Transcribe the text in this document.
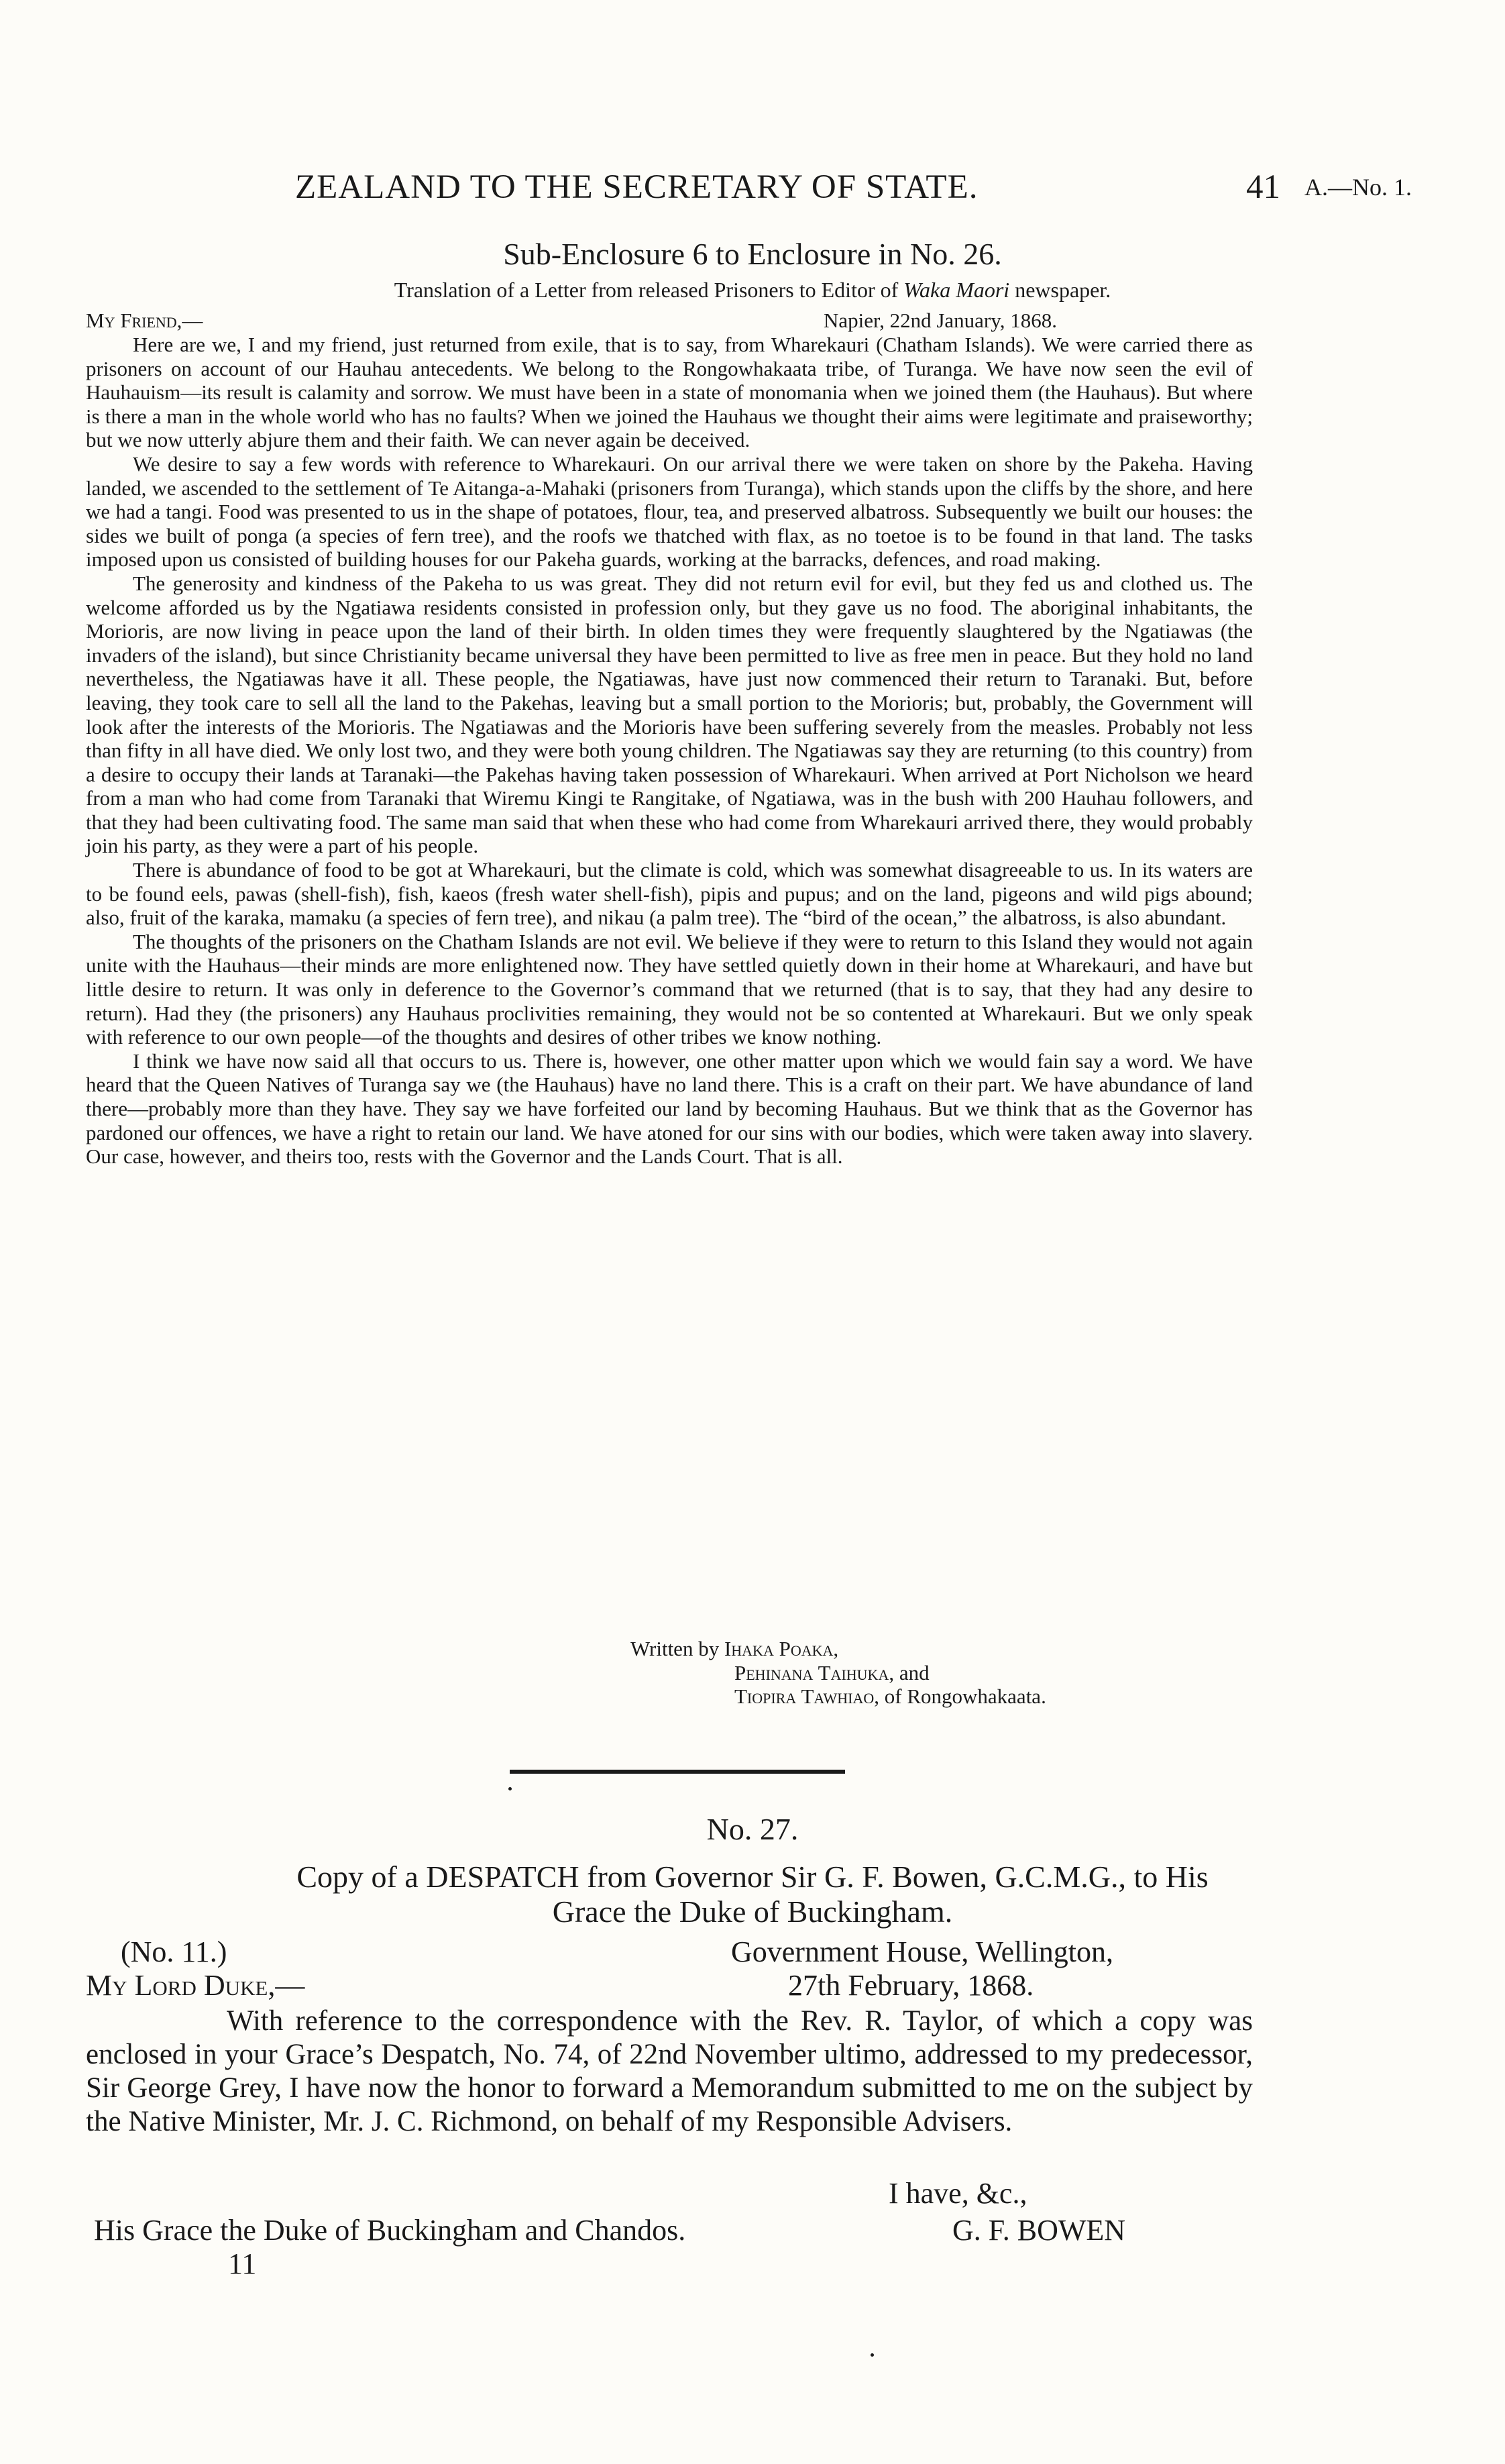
ZEALAND TO THE SECRETARY OF STATE.	41 A.—No. 1.
Sub-Enclosure 6 to Enclosure in No. 26.
Translation of a Letter from released Prisoners to Editor of Waka Maori newspaper.
My Friend,—	Napier, 22nd January, 1868.

Here are we, I and my friend, just returned from exile, that is to say, from Wharekauri (Chatham Islands). We were carried there as prisoners on account of our Hauhau antecedents. We belong to the Rongowhakaata tribe, of Turanga. We have now seen the evil of Hauhauism—its result is calamity and sorrow. We must have been in a state of monomania when we joined them (the Hauhaus). But where is there a man in the whole world who has no faults? When we joined the Hauhaus we thought their aims were legitimate and praiseworthy; but we now utterly abjure them and their faith. We can never again be deceived.

We desire to say a few words with reference to Wharekauri. On our arrival there we were taken on shore by the Pakeha. Having landed, we ascended to the settlement of Te Aitanga-a-Mahaki (prisoners from Turanga), which stands upon the cliffs by the shore, and here we had a tangi. Food was presented to us in the shape of potatoes, flour, tea, and preserved albatross. Subsequently we built our houses: the sides we built of ponga (a species of fern tree), and the roofs we thatched with flax, as no toetoe is to be found in that land. The tasks imposed upon us consisted of building houses for our Pakeha guards, working at the barracks, defences, and road making.

The generosity and kindness of the Pakeha to us was great. They did not return evil for evil, but they fed us and clothed us. The welcome afforded us by the Ngatiawa residents consisted in profession only, but they gave us no food. The aboriginal inhabitants, the Morioris, are now living in peace upon the land of their birth. In olden times they were frequently slaughtered by the Ngatiawas (the invaders of the island), but since Christianity became universal they have been permitted to live as free men in peace. But they hold no land nevertheless, the Ngatiawas have it all. These people, the Ngatiawas, have just now commenced their return to Taranaki. But, before leaving, they took care to sell all the land to the Pakehas, leaving but a small portion to the Morioris; but, probably, the Government will look after the interests of the Morioris. The Ngatiawas and the Morioris have been suffering severely from the measles. Probably not less than fifty in all have died. We only lost two, and they were both young children. The Ngatiawas say they are returning (to this country) from a desire to occupy their lands at Taranaki—the Pakehas having taken possession of Wharekauri. When arrived at Port Nicholson we heard from a man who had come from Taranaki that Wiremu Kingi te Rangitake, of Ngatiawa, was in the bush with 200 Hauhau followers, and that they had been cultivating food. The same man said that when these who had come from Wharekauri arrived there, they would probably join his party, as they were a part of his people.

There is abundance of food to be got at Wharekauri, but the climate is cold, which was somewhat disagreeable to us. In its waters are to be found eels, pawas (shell-fish), fish, kaeos (fresh water shell-fish), pipis and pupus; and on the land, pigeons and wild pigs abound; also, fruit of the karaka, mamaku (a species of fern tree), and nikau (a palm tree). The “bird of the ocean,” the albatross, is also abundant.

The thoughts of the prisoners on the Chatham Islands are not evil. We believe if they were to return to this Island they would not again unite with the Hauhaus—their minds are more enlightened now. They have settled quietly down in their home at Wharekauri, and have but little desire to return. It was only in deference to the Governor’s command that we returned (that is to say, that they had any desire to return). Had they (the prisoners) any Hauhaus proclivities remaining, they would not be so contented at Wharekauri. But we only speak with reference to our own people—of the thoughts and desires of other tribes we know nothing.

I think we have now said all that occurs to us. There is, however, one other matter upon which we would fain say a word. We have heard that the Queen Natives of Turanga say we (the Hauhaus) have no land there. This is a craft on their part. We have abundance of land there—probably more than they have. They say we have forfeited our land by becoming Hauhaus. But we think that as the Governor has pardoned our offences, we have a right to retain our land. We have atoned for our sins with our bodies, which were taken away into slavery. Our case, however, and theirs too, rests with the Governor and the Lands Court. That is all.

Written by Ihaka Poaka,
Pehinana Taihuka, and
Tiopira Tawhiao, of Rongowhakaata.
No. 27.
Copy of a DESPATCH from Governor Sir G. F. Bowen, G.C.M.G., to His
Grace the Duke of Buckingham.
(No. 11.)	Government House, Wellington,
My Lord Duke,—	27th February, 1868.

With reference to the correspondence with the Rev. R. Taylor, of which a copy was enclosed in your Grace’s Despatch, No. 74, of 22nd November ultimo, addressed to my predecessor, Sir George Grey, I have now the honor to forward a Memorandum submitted to me on the subject by the Native Minister, Mr. J. C. Richmond, on behalf of my Responsible Advisers.

I have, &c.,
His Grace the Duke of Buckingham and Chandos.	G. F. BOWEN
11
